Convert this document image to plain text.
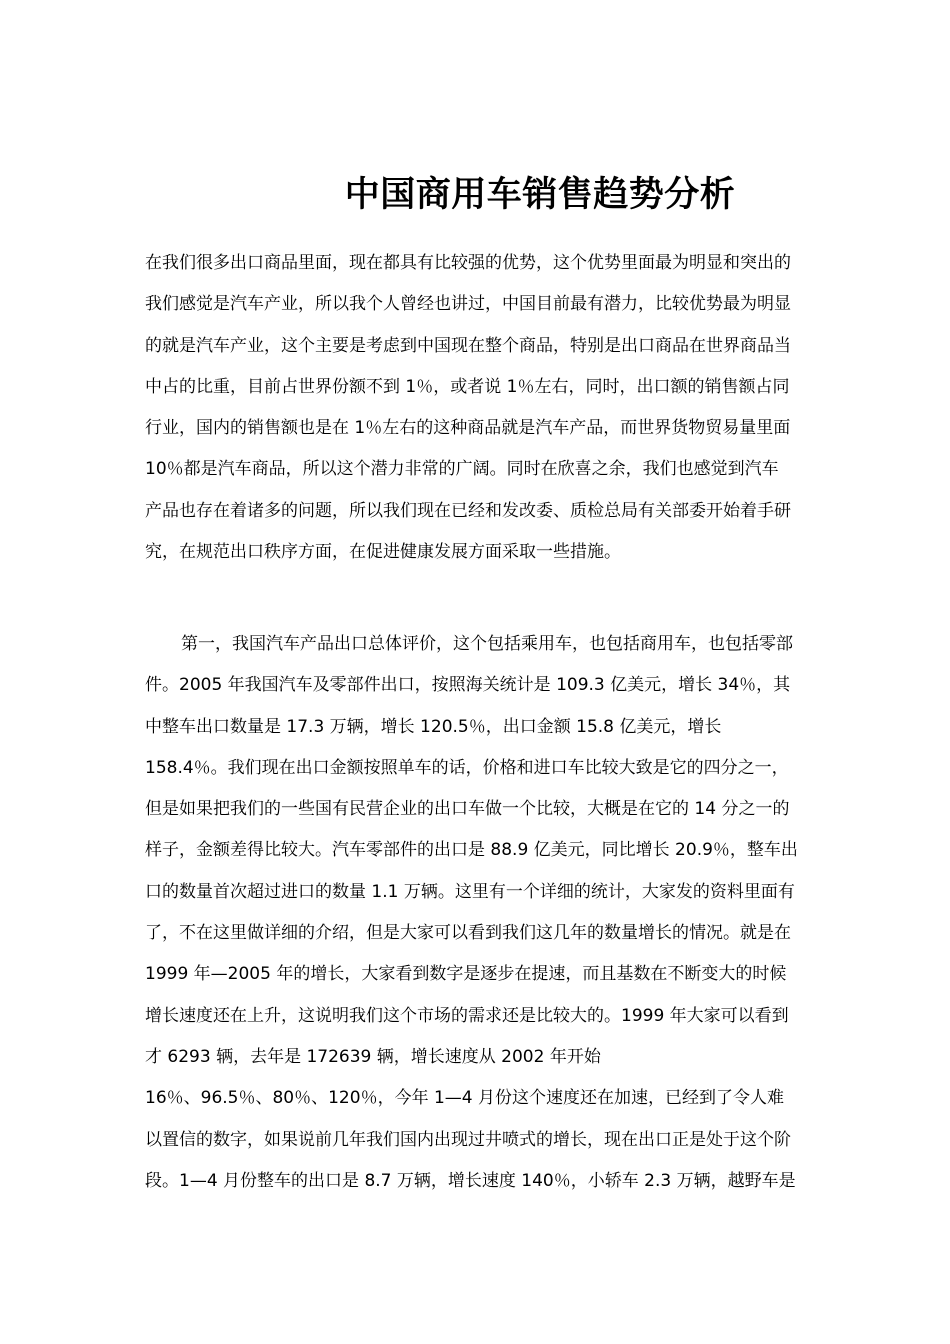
中国商用车销售趋势分析
在我们很多出口商品里面，现在都具有比较强的优势，这个优势里面最为明显和突出的
我们感觉是汽车产业，所以我个人曾经也讲过，中国目前最有潜力，比较优势最为明显
的就是汽车产业，这个主要是考虑到中国现在整个商品，特别是出口商品在世界商品当
中占的比重，目前占世界份额不到 1％，或者说 1％左右，同时，出口额的销售额占同
行业，国内的销售额也是在 1％左右的这种商品就是汽车产品，而世界货物贸易量里面
10％都是汽车商品，所以这个潜力非常的广阔。同时在欣喜之余，我们也感觉到汽车
产品也存在着诸多的问题，所以我们现在已经和发改委、质检总局有关部委开始着手研
究，在规范出口秩序方面，在促进健康发展方面采取一些措施。
第一，我国汽车产品出口总体评价，这个包括乘用车，也包括商用车，也包括零部
件。2005 年我国汽车及零部件出口，按照海关统计是 109.3 亿美元，增长 34％，其
中整车出口数量是 17.3 万辆，增长 120.5％，出口金额 15.8 亿美元，增长
158.4％。我们现在出口金额按照单车的话，价格和进口车比较大致是它的四分之一，
但是如果把我们的一些国有民营企业的出口车做一个比较，大概是在它的 14 分之一的
样子，金额差得比较大。汽车零部件的出口是 88.9 亿美元，同比增长 20.9％，整车出
口的数量首次超过进口的数量 1.1 万辆。这里有一个详细的统计，大家发的资料里面有
了，不在这里做详细的介绍，但是大家可以看到我们这几年的数量增长的情况。就是在
1999 年—2005 年的增长，大家看到数字是逐步在提速，而且基数在不断变大的时候
增长速度还在上升，这说明我们这个市场的需求还是比较大的。1999 年大家可以看到
才 6293 辆，去年是 172639 辆，增长速度从 2002 年开始
16％、96.5％、80％、120％，今年 1—4 月份这个速度还在加速，已经到了令人难
以置信的数字，如果说前几年我们国内出现过井喷式的增长，现在出口正是处于这个阶
段。1—4 月份整车的出口是 8.7 万辆，增长速度 140％，小轿车 2.3 万辆，越野车是
